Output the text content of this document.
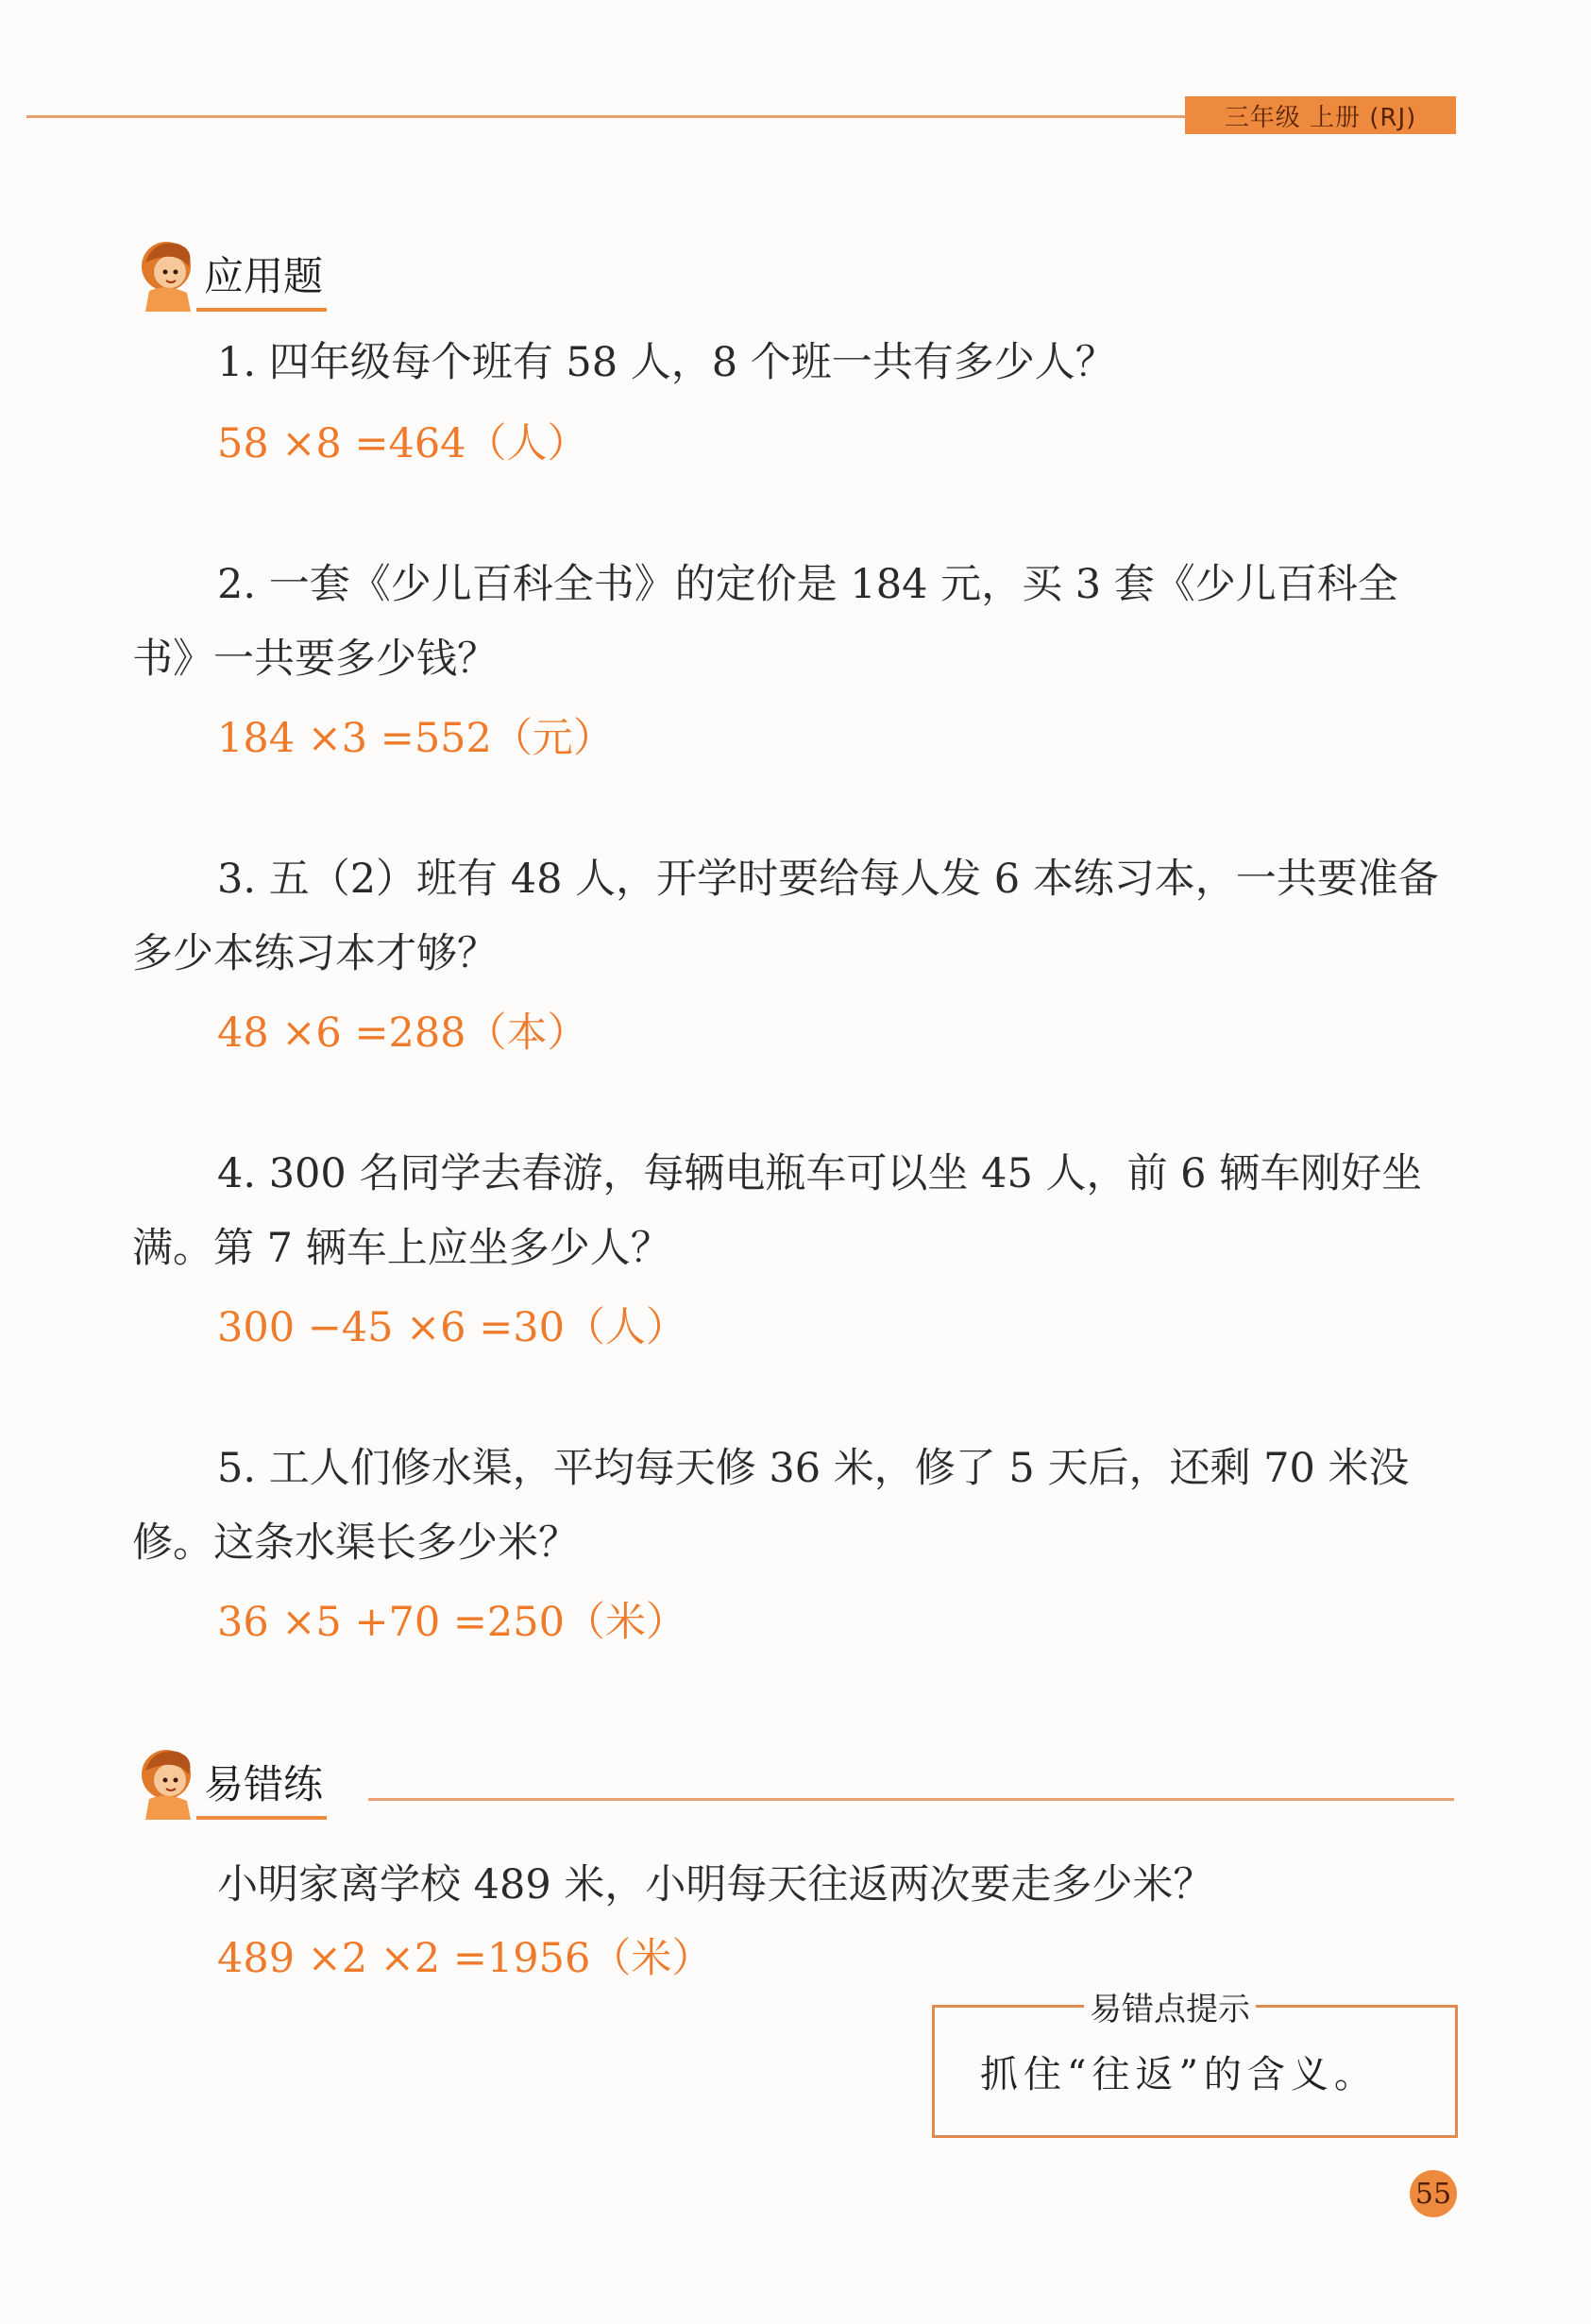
三年级 上册 (RJ)
应用题
1. 四年级每个班有 58 人，8 个班一共有多少人？
58 ×8 =464（人）
2. 一套《少儿百科全书》的定价是 184 元，买 3 套《少儿百科全书》一共要多少钱？
184 ×3 =552（元）
3. 五（2）班有 48 人，开学时要给每人发 6 本练习本，一共要准备多少本练习本才够？
48 ×6 =288（本）
4. 300 名同学去春游，每辆电瓶车可以坐 45 人，前 6 辆车刚好坐满。第 7 辆车上应坐多少人？
300 −45 ×6 =30（人）
5. 工人们修水渠，平均每天修 36 米，修了 5 天后，还剩 70 米没修。这条水渠长多少米？
36 ×5 +70 =250（米）
易错练
小明家离学校 489 米，小明每天往返两次要走多少米？
489 ×2 ×2 =1956（米）
易错点提示
抓住“往返”的含义。
55
